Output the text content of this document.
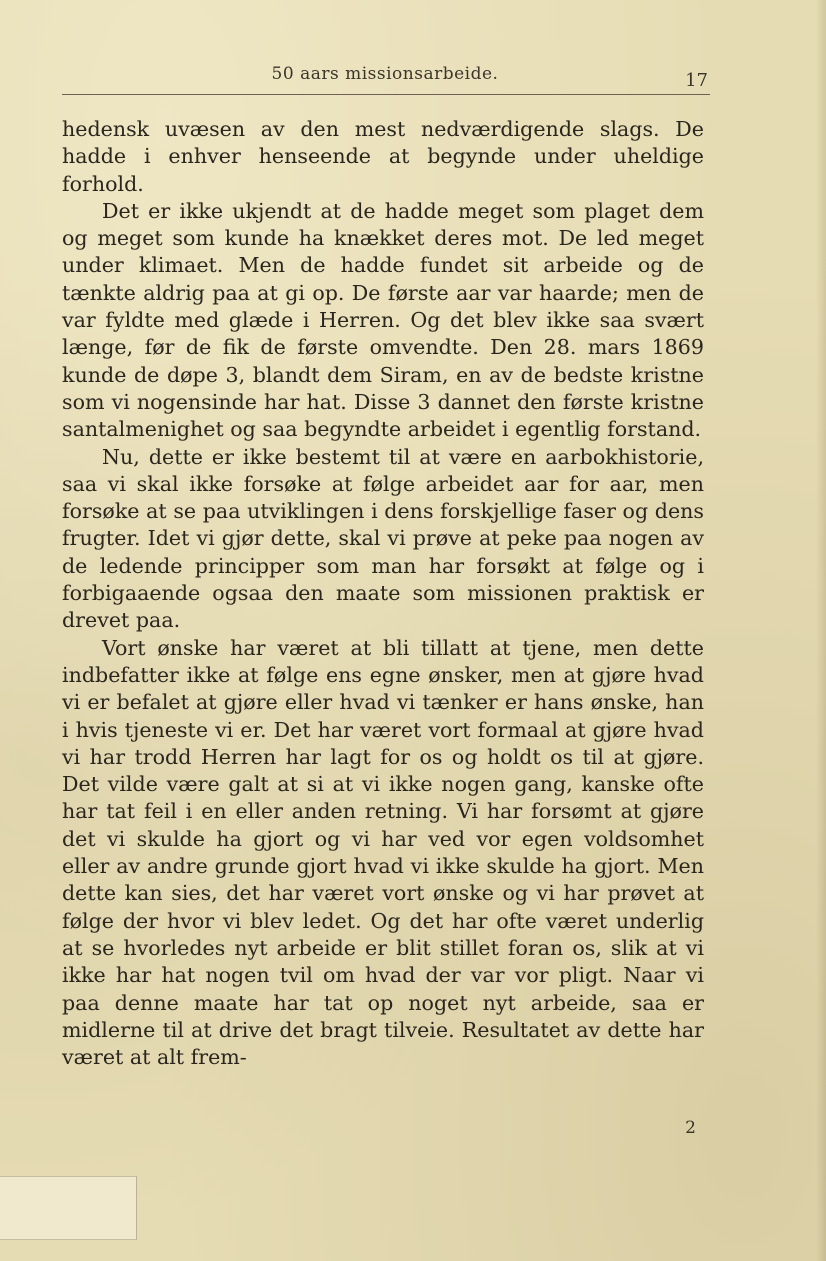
50 aars missionsarbeide.	17

hedensk uvæsen av den mest nedværdigende slags. De hadde i enhver henseende at begynde under uheldige forhold.

Det er ikke ukjendt at de hadde meget som plaget dem og meget som kunde ha knækket deres mot. De led meget under klimaet. Men de hadde fundet sit arbeide og de tænkte aldrig paa at gi op. De første aar var haarde; men de var fyldte med glæde i Herren. Og det blev ikke saa svært længe, før de fik de første omvendte. Den 28. mars 1869 kunde de døpe 3, blandt dem Siram, en av de bedste kristne som vi nogensinde har hat. Disse 3 dannet den første kristne santalmenighet og saa begyndte arbeidet i egentlig forstand.

Nu, dette er ikke bestemt til at være en aarbokhistorie, saa vi skal ikke forsøke at følge arbeidet aar for aar, men forsøke at se paa utviklingen i dens forskjellige faser og dens frugter. Idet vi gjør dette, skal vi prøve at peke paa nogen av de ledende principper som man har forsøkt at følge og i forbigaaende ogsaa den maate som missionen praktisk er drevet paa.

Vort ønske har været at bli tillatt at tjene, men dette indbefatter ikke at følge ens egne ønsker, men at gjøre hvad vi er befalet at gjøre eller hvad vi tænker er hans ønske, han i hvis tjeneste vi er. Det har været vort formaal at gjøre hvad vi har trodd Herren har lagt for os og holdt os til at gjøre. Det vilde være galt at si at vi ikke nogen gang, kanske ofte har tat feil i en eller anden retning. Vi har forsømt at gjøre det vi skulde ha gjort og vi har ved vor egen voldsomhet eller av andre grunde gjort hvad vi ikke skulde ha gjort. Men dette kan sies, det har været vort ønske og vi har prøvet at følge der hvor vi blev ledet. Og det har ofte været underlig at se hvorledes nyt arbeide er blit stillet foran os, slik at vi ikke har hat nogen tvil om hvad der var vor pligt. Naar vi paa denne maate har tat op noget nyt arbeide, saa er midlerne til at drive det bragt tilveie. Resultatet av dette har været at alt frem-

2
